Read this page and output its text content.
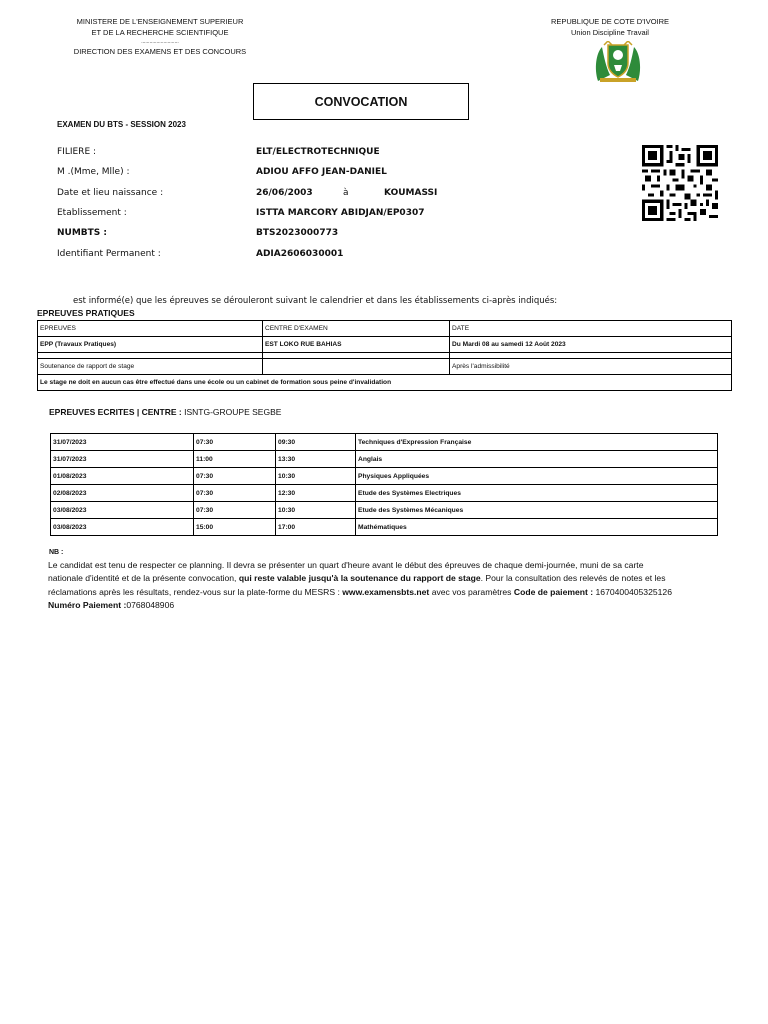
MINISTERE DE L'ENSEIGNEMENT SUPERIEUR
ET DE LA RECHERCHE SCIENTIFIQUE
...........................
DIRECTION DES EXAMENS ET DES CONCOURS
REPUBLIQUE DE COTE D'IVOIRE
Union Discipline Travail
CONVOCATION
EXAMEN DU BTS - SESSION 2023
FILIERE :	ELT/ELECTROTECHNIQUE
M .(Mme, Mlle) :	ADIOU AFFO JEAN-DANIEL
Date et lieu naissance :	26/06/2003	à	KOUMASSI
Etablissement :	ISTTA MARCORY ABIDJAN/EP0307
NUMBTS :	BTS2023000773
Identifiant Permanent :	ADIA2606030001
est informé(e) que les épreuves se dérouleront suivant le calendrier et dans les établissements ci-après indiqués:
EPREUVES PRATIQUES
EPREUVES	CENTRE D'EXAMEN	DATE
EPP (Travaux Pratiques)	EST LOKO RUE BAHIAS	Du Mardi 08 au samedi 12 Août 2023

Soutenance de rapport de stage		Après l'admissibilité
Le stage ne doit en aucun cas être effectué dans une école ou un cabinet de formation sous peine d'invalidation		
EPREUVES ECRITES | CENTRE : ISNTG-GROUPE SEGBE
31/07/2023	07:30	09:30	Techniques d'Expression Française
31/07/2023	11:00	13:30	Anglais
01/08/2023	07:30	10:30	Physiques Appliquées
02/08/2023	07:30	12:30	Etude des Systèmes Electriques
03/08/2023	07:30	10:30	Etude des Systèmes Mécaniques
03/08/2023	15:00	17:00	Mathématiques
NB :
Le candidat est tenu de respecter ce planning. Il devra se présenter un quart d'heure avant le début des épreuves de chaque demi-journée, muni de sa carte nationale d'identité et de la présente convocation, qui reste valable jusqu'à la soutenance du rapport de stage. Pour la consultation des relevés de notes et les réclamations après les résultats, rendez-vous sur la plate-forme du MESRS : www.examensbts.net avec vos paramètres Code de paiement : 1670400405325126 Numéro Paiement :0768048906
